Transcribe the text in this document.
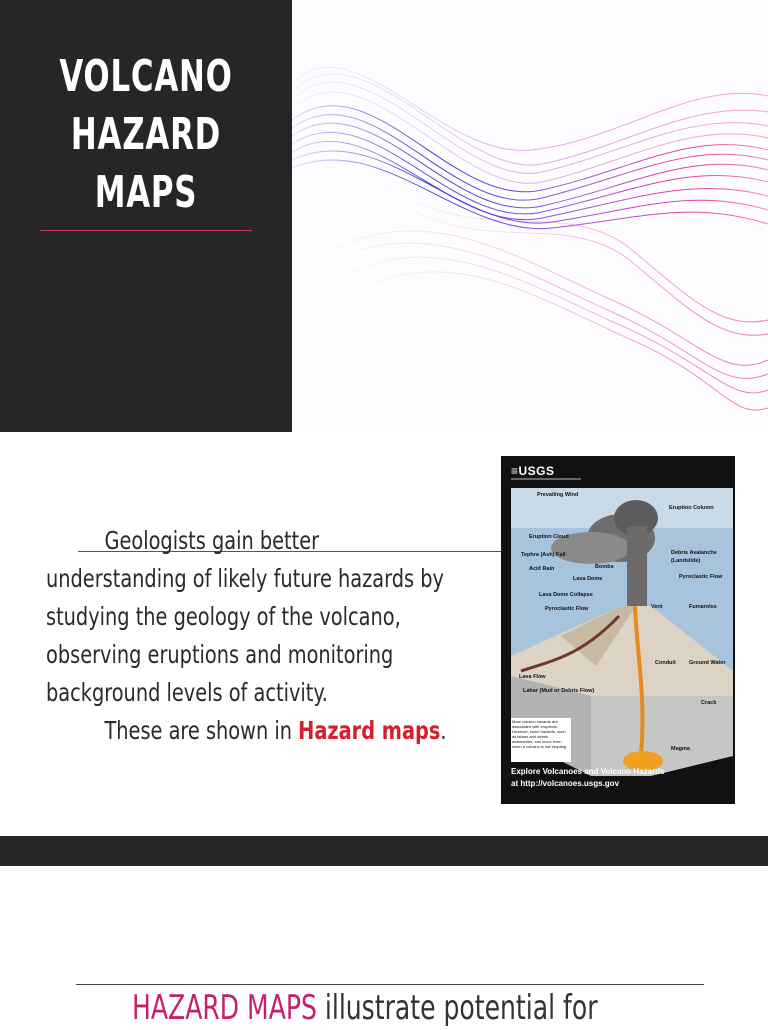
VOLCANO
HAZARD
MAPS
Geologists gain better
understanding of likely future hazards by
studying the geology of the volcano,
observing eruptions and monitoring
background levels of activity.
These are shown in Hazard maps.
≡USGS
Prevailing Wind
Eruption Column
Eruption Cloud
Tephra (Ash) Fall
Acid Rain	Bombs
Lava Dome
Lava Dome Collapse
Vent
Debris Avalanche
(Landslide)
Pyroclastic Flow
Pyroclastic Flow
Fumaroles
Conduit Ground Water
Lava Flow
Lahar (Mud or Debris Flow)
Crack
Magma
Most volcano hazards are associated with eruptions. However, some hazards, such as lahars and debris avalanches, can occur even when a volcano is not erupting.
Explore Volcanoes and Volcano Hazards
at http://volcanoes.usgs.gov
HAZARD MAPS illustrate potential for
